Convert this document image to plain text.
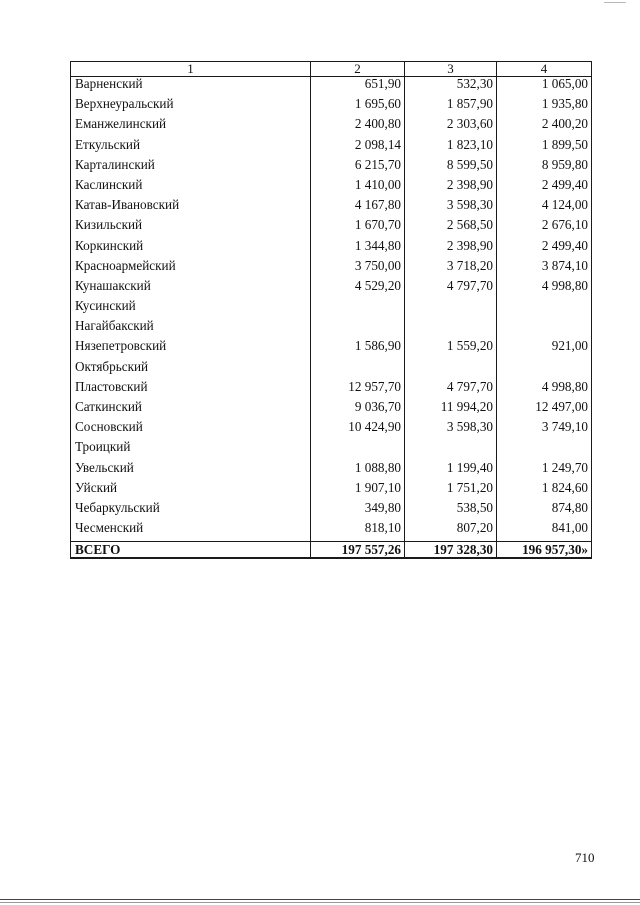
1	2	3	4
Варненский	651,90	532,30	1 065,00
Верхнеуральский	1 695,60	1 857,90	1 935,80
Еманжелинский	2 400,80	2 303,60	2 400,20
Еткульский	2 098,14	1 823,10	1 899,50
Карталинский	6 215,70	8 599,50	8 959,80
Каслинский	1 410,00	2 398,90	2 499,40
Катав-Ивановский	4 167,80	3 598,30	4 124,00
Кизильский	1 670,70	2 568,50	2 676,10
Коркинский	1 344,80	2 398,90	2 499,40
Красноармейский	3 750,00	3 718,20	3 874,10
Кунашакский	4 529,20	4 797,70	4 998,80
Кусинский			
Нагайбакский			
Нязепетровский	1 586,90	1 559,20	921,00
Октябрьский			
Пластовский	12 957,70	4 797,70	4 998,80
Саткинский	9 036,70	11 994,20	12 497,00
Сосновский	10 424,90	3 598,30	3 749,10
Троицкий			
Увельский	1 088,80	1 199,40	1 249,70
Уйский	1 907,10	1 751,20	1 824,60
Чебаркульский	349,80	538,50	874,80
Чесменский	818,10	807,20	841,00
ВСЕГО	197 557,26	197 328,30	196 957,30»
710
